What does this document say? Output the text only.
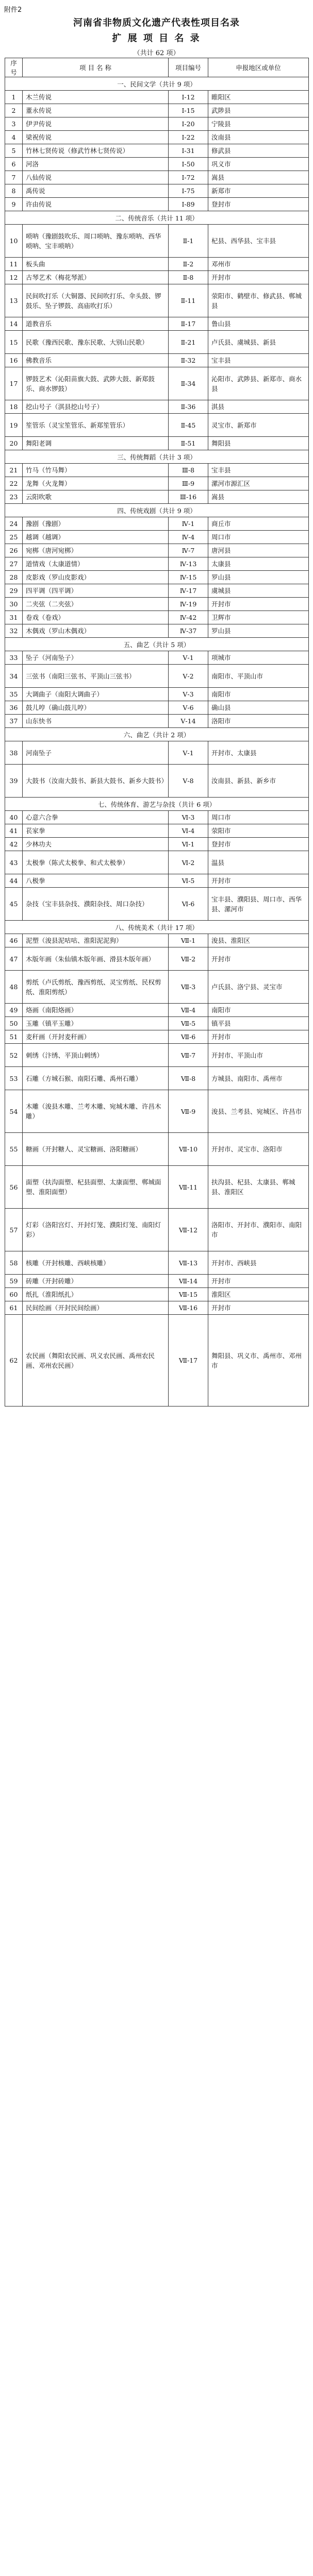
附件2
河南省非物质文化遗产代表性项目名录
扩 展 项 目 名 录
（共计 62 项）
序号	项 目 名 称	项目编号	申报地区或单位
一、民间文学（共计 9 项）			

1	木兰传说	Ⅰ-12	睢阳区

2	董永传说	Ⅰ-15	武陟县

3	伊尹传说	Ⅰ-20	宁陵县

4	梁祝传说	Ⅰ-22	汝南县

5	竹林七贤传说（修武竹林七贤传说）	Ⅰ-31	修武县

6	河洛	Ⅰ-50	巩义市

7	八仙传说	Ⅰ-72	嵩县

8	禹传说	Ⅰ-75	新郑市

9	许由传说	Ⅰ-89	登封市

二、传统音乐（共计 11 项）			

10	唢呐（豫剧鼓吹乐、周口唢呐、豫东唢呐、西华唢呐、宝丰唢呐）	Ⅱ-1	杞县、西华县、宝丰县

11	板头曲	Ⅱ-2	邓州市

12	古琴艺术（梅花琴派）	Ⅱ-8	开封市

13	民间吹打乐（大铜器、民间吹打乐、伞头鼓、锣鼓乐、坠子锣鼓、高庙吹打乐）	Ⅱ-11	荥阳市、鹤壁市、修武县、郸城县

14	道教音乐	Ⅱ-17	鲁山县

15	民歌（豫西民歌、豫东民歌、大别山民歌）	Ⅱ-21	卢氏县、虞城县、新县

16	佛教音乐	Ⅱ-32	宝丰县

17	锣鼓艺术（沁阳苗旗大鼓、武陟大鼓、新郑鼓乐、商水锣鼓）	Ⅱ-34	沁阳市、武陟县、新郑市、商水县

18	挖山号子（淇县挖山号子）	Ⅱ-36	淇县

19	笙管乐（灵宝笙管乐、新郑笙管乐）	Ⅱ-45	灵宝市、新郑市

20	舞阳老调	Ⅱ-51	舞阳县

三、传统舞蹈（共计 3 项）			

21	竹马（竹马舞）	Ⅲ-8	宝丰县

22	龙舞（火龙舞）	Ⅲ-9	漯河市源汇区

23	云阳吹歌	Ⅲ-16	嵩县

四、传统戏剧（共计 9 项）			

24	豫剧（豫剧）	Ⅳ-1	商丘市

25	越调（越调）	Ⅳ-4	周口市

26	宛梆（唐河宛梆）	Ⅳ-7	唐河县

27	道情戏（太康道情）	Ⅳ-13	太康县

28	皮影戏（罗山皮影戏）	Ⅳ-15	罗山县

29	四平调（四平调）	Ⅳ-17	虞城县

30	二夹弦（二夹弦）	Ⅳ-19	开封市

31	卷戏（卷戏）	Ⅳ-42	卫辉市

32	木偶戏（罗山木偶戏）	Ⅳ-37	罗山县

五、曲艺（共计 5 项）			

33	坠子（河南坠子）	Ⅴ-1	项城市

34	三弦书（南阳三弦书、平顶山三弦书）	Ⅴ-2	南阳市、平顶山市

35	大调曲子（南阳大调曲子）	Ⅴ-3	南阳市

36	鼓儿哼（确山鼓儿哼）	Ⅴ-6	确山县

37	山东快书	Ⅴ-14	洛阳市

六、曲艺（共计 2 项）			

38	河南坠子	Ⅴ-1	开封市、太康县

39	大鼓书（汝南大鼓书、新县大鼓书、新乡大鼓书）	Ⅴ-8	汝南县、新县、新乡市

七、传统体育、游艺与杂技（共计 6 项）			

40	心意六合拳	Ⅵ-3	周口市

41	苌家拳	Ⅵ-4	荥阳市

42	少林功夫	Ⅵ-1	登封市

43	太极拳（陈式太极拳、和式太极拳）	Ⅵ-2	温县

44	八极拳	Ⅵ-5	开封市

45	杂技（宝丰县杂技、濮阳杂技、周口杂技）	Ⅵ-6	宝丰县、濮阳县、周口市、西华县、漯河市

八、传统美术（共计 17 项）			

46	泥塑（浚县泥咕咕、淮阳泥泥狗）	Ⅶ-1	浚县、淮阳区

47	木版年画（朱仙镇木版年画、滑县木版年画）	Ⅶ-2	开封市

48	剪纸（卢氏剪纸、豫西剪纸、灵宝剪纸、民权剪纸、淮阳剪纸）	Ⅶ-3	卢氏县、洛宁县、灵宝市

49	烙画（南阳烙画）	Ⅶ-4	南阳市

50	玉雕（镇平玉雕）	Ⅶ-5	镇平县

51	麦秆画（开封麦秆画）	Ⅶ-6	开封市

52	刺绣（汴绣、平顶山刺绣）	Ⅶ-7	开封市、平顶山市

53	石雕（方城石猴、南阳石雕、禹州石雕）	Ⅶ-8	方城县、南阳市、禹州市

54	木雕（浚县木雕、兰考木雕、宛城木雕、许昌木雕）	Ⅶ-9	浚县、兰考县、宛城区、许昌市

55	糖画（开封糖人、灵宝糖画、洛阳糖画）	Ⅶ-10	开封市、灵宝市、洛阳市

56	面塑（扶沟面塑、杞县面塑、太康面塑、郸城面塑、淮阳面塑）	Ⅶ-11	扶沟县、杞县、太康县、郸城县、淮阳区

57	灯彩（洛阳宫灯、开封灯笼、濮阳灯笼、南阳灯彩）	Ⅶ-12	洛阳市、开封市、濮阳市、南阳市

58	核雕（开封核雕、西峡核雕）	Ⅶ-13	开封市、西峡县

59	砖雕（开封砖雕）	Ⅶ-14	开封市

60	纸扎（淮阳纸扎）	Ⅶ-15	淮阳区

61	民间绘画（开封民间绘画）	Ⅶ-16	开封市

62	农民画（舞阳农民画、巩义农民画、禹州农民画、邓州农民画）	Ⅶ-17	舞阳县、巩义市、禹州市、邓州市
